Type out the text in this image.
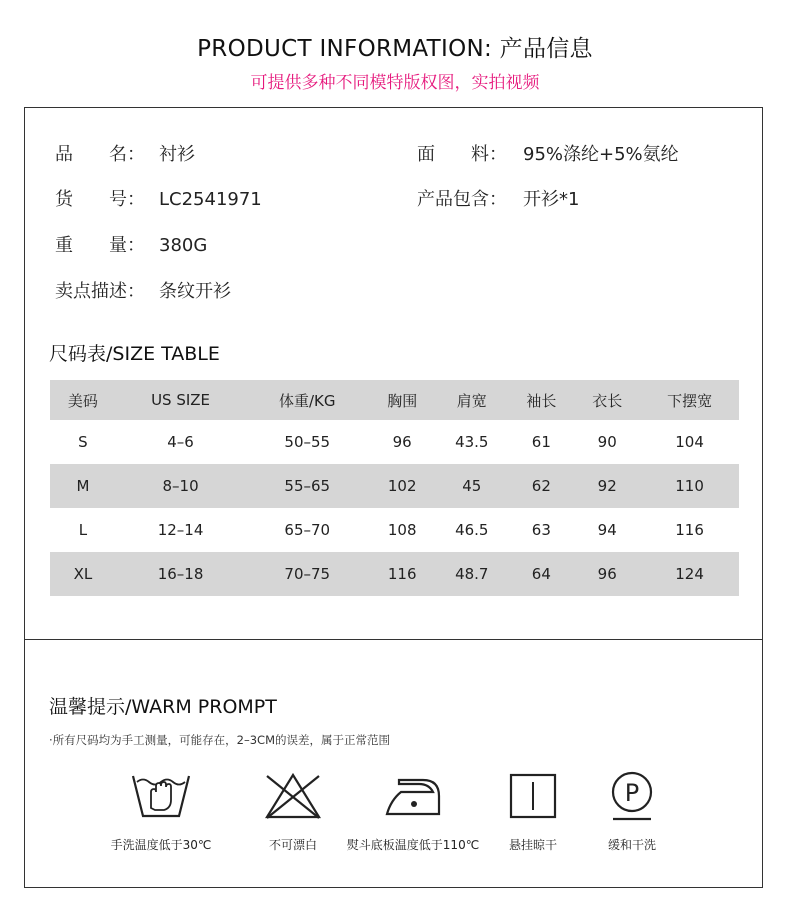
PRODUCT INFORMATION: 产品信息
可提供多种不同模特版权图，实拍视频
品　　名： 衬衫	面　　料： 95%涤纶+5%氨纶
货　　号： LC2541971	产品包含： 开衫*1
重　　量： 380G
卖点描述： 条纹开衫
尺码表/SIZE TABLE
美码	US SIZE	体重/KG	胸围	肩宽	袖长	衣长	下摆宽
S	4–6	50–55	96	43.5	61	90	104
M	8–10	55–65	102	45	62	92	110
L	12–14	65–70	108	46.5	63	94	116
XL	16–18	70–75	116	48.7	64	96	124
温馨提示/WARM PROMPT
·所有尺码均为手工测量，可能存在，2–3CM的误差，属于正常范围
手洗温度低于30℃	不可漂白	熨斗底板温度低于110℃	悬挂晾干
P
缓和干洗
